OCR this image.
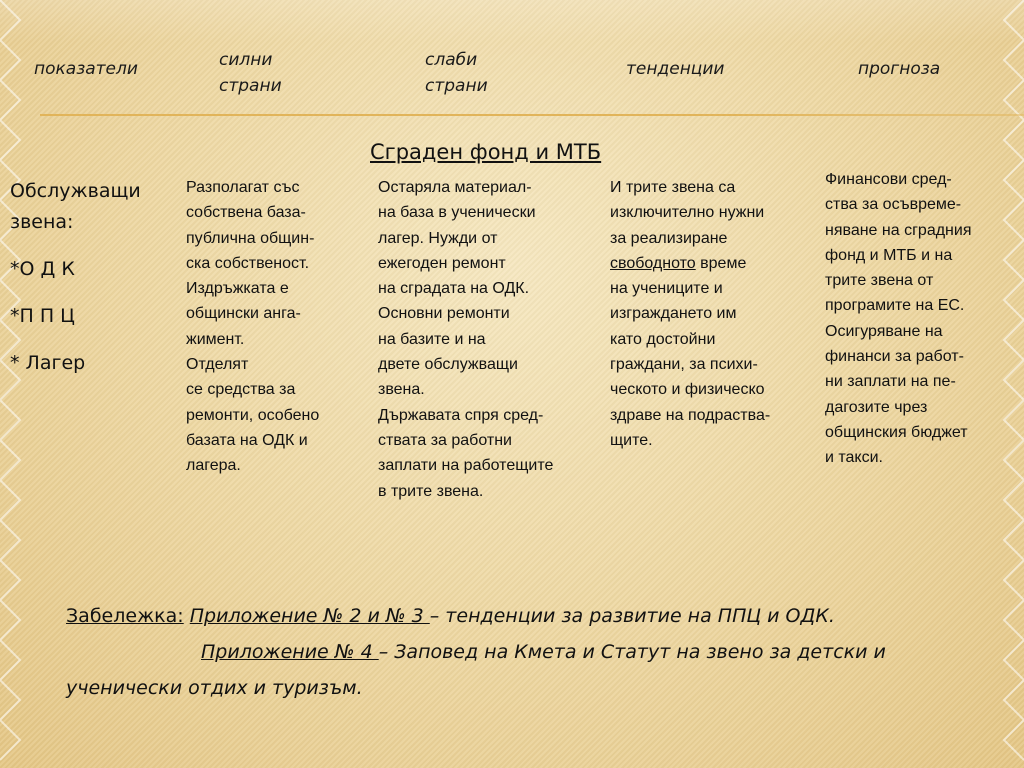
показатели	силни
страни
слаби
страни
тенденции	прогноза
Сграден фонд и МТБ
Обслужващи звена:
*О Д К
*П П Ц
* Лагер
Разполагат със
собствена база-
публична общин-
ска собственост.
Издръжката е
общински анга-
жимент.
Отделят
се средства за
ремонти, особено
базата на ОДК и
лагера.
Остаряла материал-
на база в ученически
лагер. Нужди от
ежегоден ремонт
на сградата на ОДК.
Основни ремонти
на базите и на
двете обслужващи
звена.
Държавата спря сред-
ствата за работни
заплати на работещите
в трите звена.
И трите звена са
изключително нужни
за реализиране
свободното време
на учениците и
изграждането им
като достойни
граждани, за психи-
ческото и физическо
здраве на подраства-
щите.
Финансови сред-
ства за осъвреме-
няване на сградния
фонд и МТБ и на
трите звена от
програмите на ЕС.
Осигуряване на
финанси за работ-
ни заплати на пе-
дагозите чрез
общинския бюджет
и такси.
Забележка: Приложение № 2 и № 3 – тенденции за развитие на ППЦ и ОДК.
Приложение № 4 – Заповед на Кмета и Статут на звено за детски и ученически отдих и туризъм.
